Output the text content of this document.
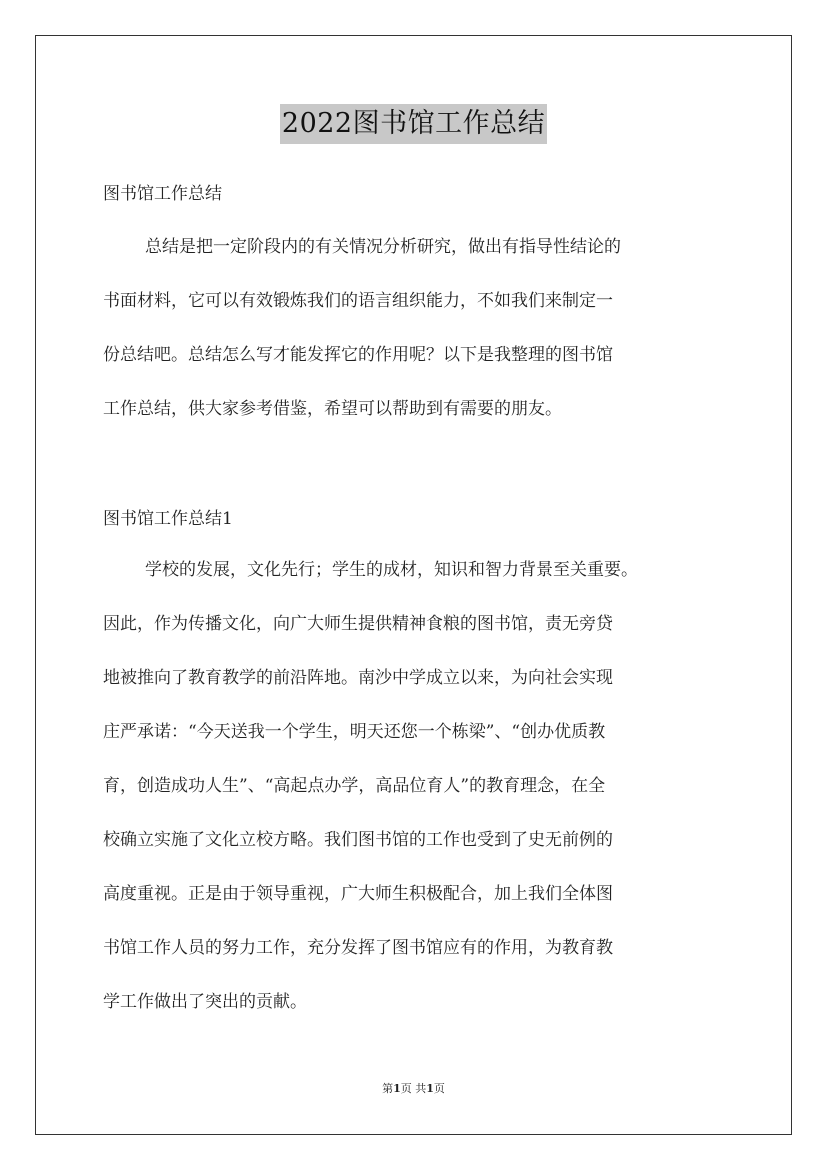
2022图书馆工作总结
图书馆工作总结
总结是把一定阶段内的有关情况分析研究，做出有指导性结论的
书面材料，它可以有效锻炼我们的语言组织能力，不如我们来制定一
份总结吧。总结怎么写才能发挥它的作用呢？以下是我整理的图书馆
工作总结，供大家参考借鉴，希望可以帮助到有需要的朋友。
图书馆工作总结1
学校的发展，文化先行；学生的成材，知识和智力背景至关重要。
因此，作为传播文化，向广大师生提供精神食粮的图书馆，责无旁贷
地被推向了教育教学的前沿阵地。南沙中学成立以来，为向社会实现
庄严承诺：“今天送我一个学生，明天还您一个栋梁”、“创办优质教
育，创造成功人生”、“高起点办学，高品位育人”的教育理念，在全
校确立实施了文化立校方略。我们图书馆的工作也受到了史无前例的
高度重视。正是由于领导重视，广大师生积极配合，加上我们全体图
书馆工作人员的努力工作，充分发挥了图书馆应有的作用，为教育教
学工作做出了突出的贡献。
第1页 共1页
